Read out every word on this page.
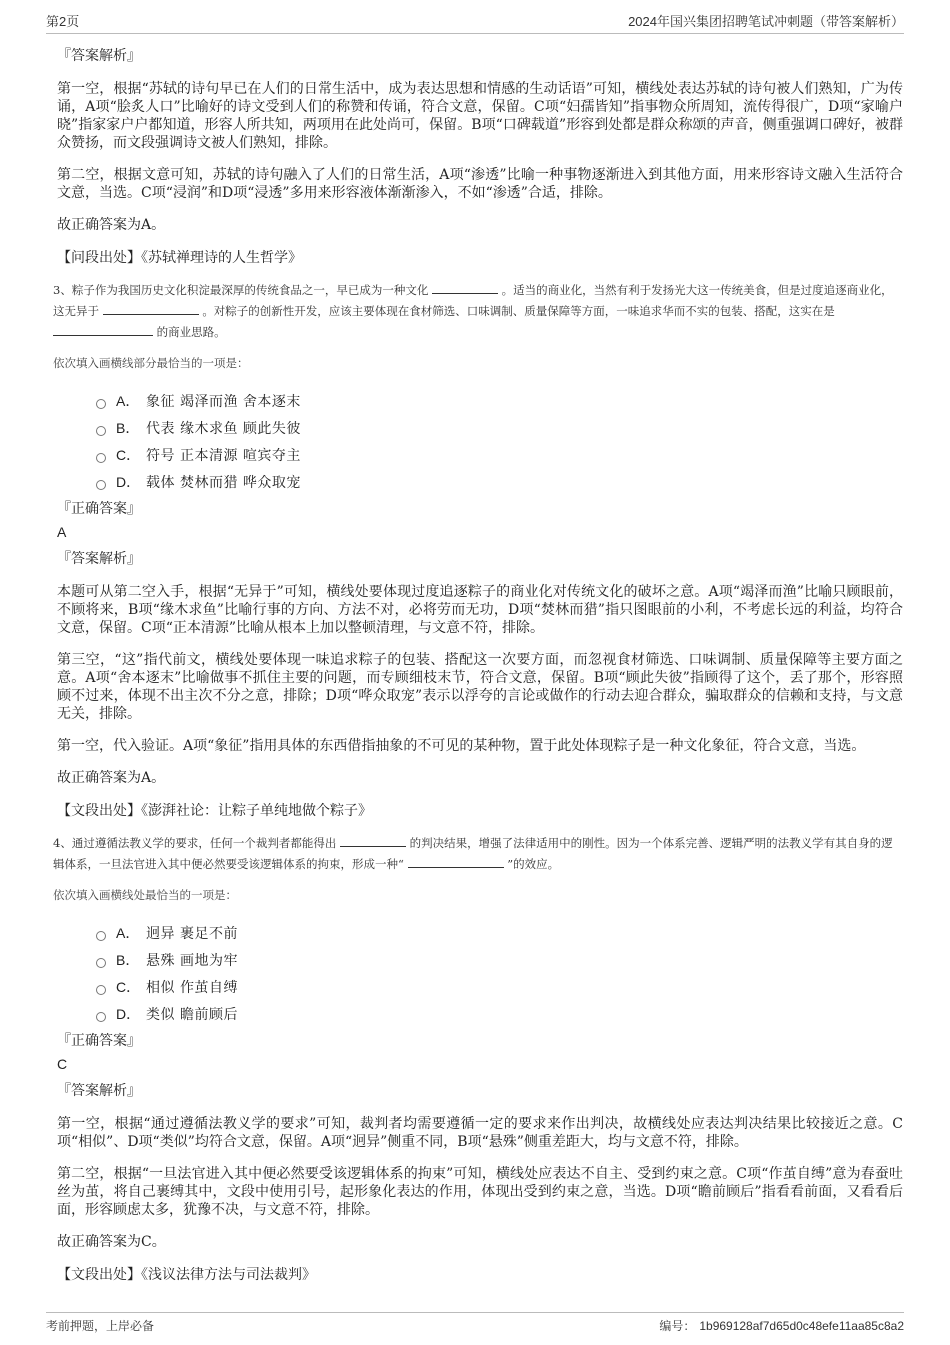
第2页	2024年国兴集团招聘笔试冲刺题（带答案解析）
『答案解析』

第一空，根据“苏轼的诗句早已在人们的日常生活中，成为表达思想和情感的生动话语”可知，横线处表达苏轼的诗句被人们熟知，广为传诵，A项“脍炙人口”比喻好的诗文受到人们的称赞和传诵，符合文意，保留。C项“妇孺皆知”指事物众所周知，流传得很广，D项“家喻户晓”指家家户户都知道，形容人所共知，两项用在此处尚可，保留。B项“口碑载道”形容到处都是群众称颂的声音，侧重强调口碑好，被群众赞扬，而文段强调诗文被人们熟知，排除。

第二空，根据文意可知，苏轼的诗句融入了人们的日常生活，A项“渗透”比喻一种事物逐渐进入到其他方面，用来形容诗文融入生活符合文意，当选。C项“浸润”和D项“浸透”多用来形容液体渐渐渗入，不如“渗透”合适，排除。

故正确答案为A。

【问段出处】《苏轼禅理诗的人生哲学》
3、粽子作为我国历史文化积淀最深厚的传统食品之一，早已成为一种文化	。适当的商业化，当然有利于发扬光大这一传统美食，但是过度追逐商业化，这无异于	。对粽子的创新性开发，应该主要体现在食材筛选、口味调制、质量保障等方面，一味追求华而不实的包装、搭配，这实在是  的商业思路。
依次填入画横线部分最恰当的一项是：
A． 象征 竭泽而渔 舍本逐末
B． 代表 缘木求鱼 顾此失彼
C． 符号 正本清源 喧宾夺主
D． 载体 焚林而猎 哗众取宠
『正确答案』
A
『答案解析』

本题可从第二空入手，根据“无异于”可知，横线处要体现过度追逐粽子的商业化对传统文化的破坏之意。A项“竭泽而渔”比喻只顾眼前，不顾将来，B项“缘木求鱼”比喻行事的方向、方法不对，必将劳而无功，D项“焚林而猎”指只图眼前的小利，不考虑长远的利益，均符合文意，保留。C项“正本清源”比喻从根本上加以整顿清理，与文意不符，排除。

第三空，“这”指代前文，横线处要体现一味追求粽子的包装、搭配这一次要方面，而忽视食材筛选、口味调制、质量保障等主要方面之意。A项“舍本逐末”比喻做事不抓住主要的问题，而专顾细枝末节，符合文意，保留。B项“顾此失彼”指顾得了这个，丢了那个，形容照顾不过来，体现不出主次不分之意，排除；D项“哗众取宠”表示以浮夸的言论或做作的行动去迎合群众，骗取群众的信赖和支持，与文意无关，排除。

第一空，代入验证。A项“象征”指用具体的东西借指抽象的不可见的某种物，置于此处体现粽子是一种文化象征，符合文意，当选。

故正确答案为A。

【文段出处】《澎湃社论：让粽子单纯地做个粽子》
4、通过遵循法教义学的要求，任何一个裁判者都能得出	的判决结果，增强了法律适用中的刚性。因为一个体系完善、逻辑严明的法教义学有其自身的逻辑体系，一旦法官进入其中便必然要受该逻辑体系的拘束，形成一种“	”的效应。
依次填入画横线处最恰当的一项是：
A． 迥异 裹足不前
B． 悬殊 画地为牢
C． 相似 作茧自缚
D． 类似 瞻前顾后
『正确答案』
C
『答案解析』

第一空，根据“通过遵循法教义学的要求”可知，裁判者均需要遵循一定的要求来作出判决，故横线处应表达判决结果比较接近之意。C项“相似”、D项“类似”均符合文意，保留。A项“迥异”侧重不同，B项“悬殊”侧重差距大，均与文意不符，排除。

第二空，根据“一旦法官进入其中便必然要受该逻辑体系的拘束”可知，横线处应表达不自主、受到约束之意。C项“作茧自缚”意为春蚕吐丝为茧，将自己裹缚其中，文段中使用引号，起形象化表达的作用，体现出受到约束之意，当选。D项“瞻前顾后”指看看前面，又看看后面，形容顾虑太多，犹豫不决，与文意不符，排除。

故正确答案为C。

【文段出处】《浅议法律方法与司法裁判》
考前押题，上岸必备	编号： 1b969128af7d65d0c48efe11aa85c8a2
